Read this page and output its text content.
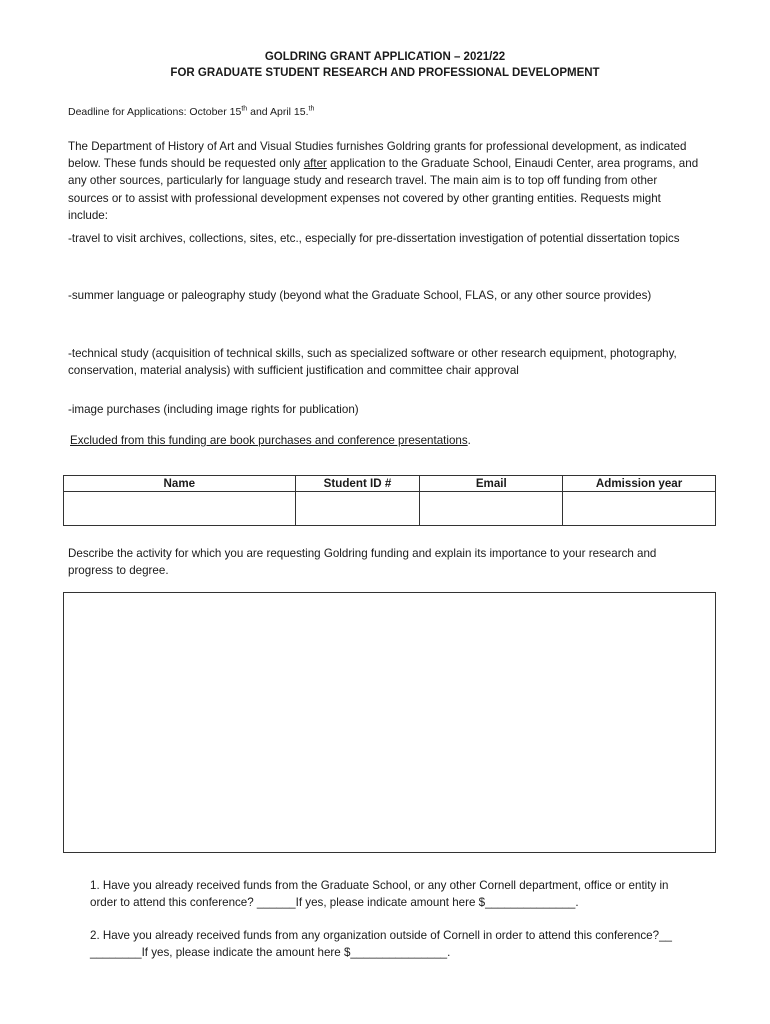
GOLDRING GRANT APPLICATION – 2021/22
FOR GRADUATE STUDENT RESEARCH AND PROFESSIONAL DEVELOPMENT
Deadline for Applications: October 15th and April 15.$^{th}$
The Department of History of Art and Visual Studies furnishes Goldring grants for professional development, as indicated below. These funds should be requested only after application to the Graduate School, Einaudi Center, area programs, and any other sources, particularly for language study and research travel. The main aim is to top off funding from other sources or to assist with professional development expenses not covered by other granting entities. Requests might include:
-travel to visit archives, collections, sites, etc., especially for pre-dissertation investigation of potential dissertation topics
-summer language or paleography study (beyond what the Graduate School, FLAS, or any other source provides)
-technical study (acquisition of technical skills, such as specialized software or other research equipment, photography, conservation, material analysis) with sufficient justification and committee chair approval
-image purchases (including image rights for publication)
Excluded from this funding are book purchases and conference presentations.
Name	Student ID #	Email	Admission year

Describe the activity for which you are requesting Goldring funding and explain its importance to your research and progress to degree.
1. Have you already received funds from the Graduate School, or any other Cornell department, office or entity in order to attend this conference? ______If yes, please indicate amount here $______________.
2. Have you already received funds from any organization outside of Cornell in order to attend this conference?__ ________If yes, please indicate the amount here $_______________.
